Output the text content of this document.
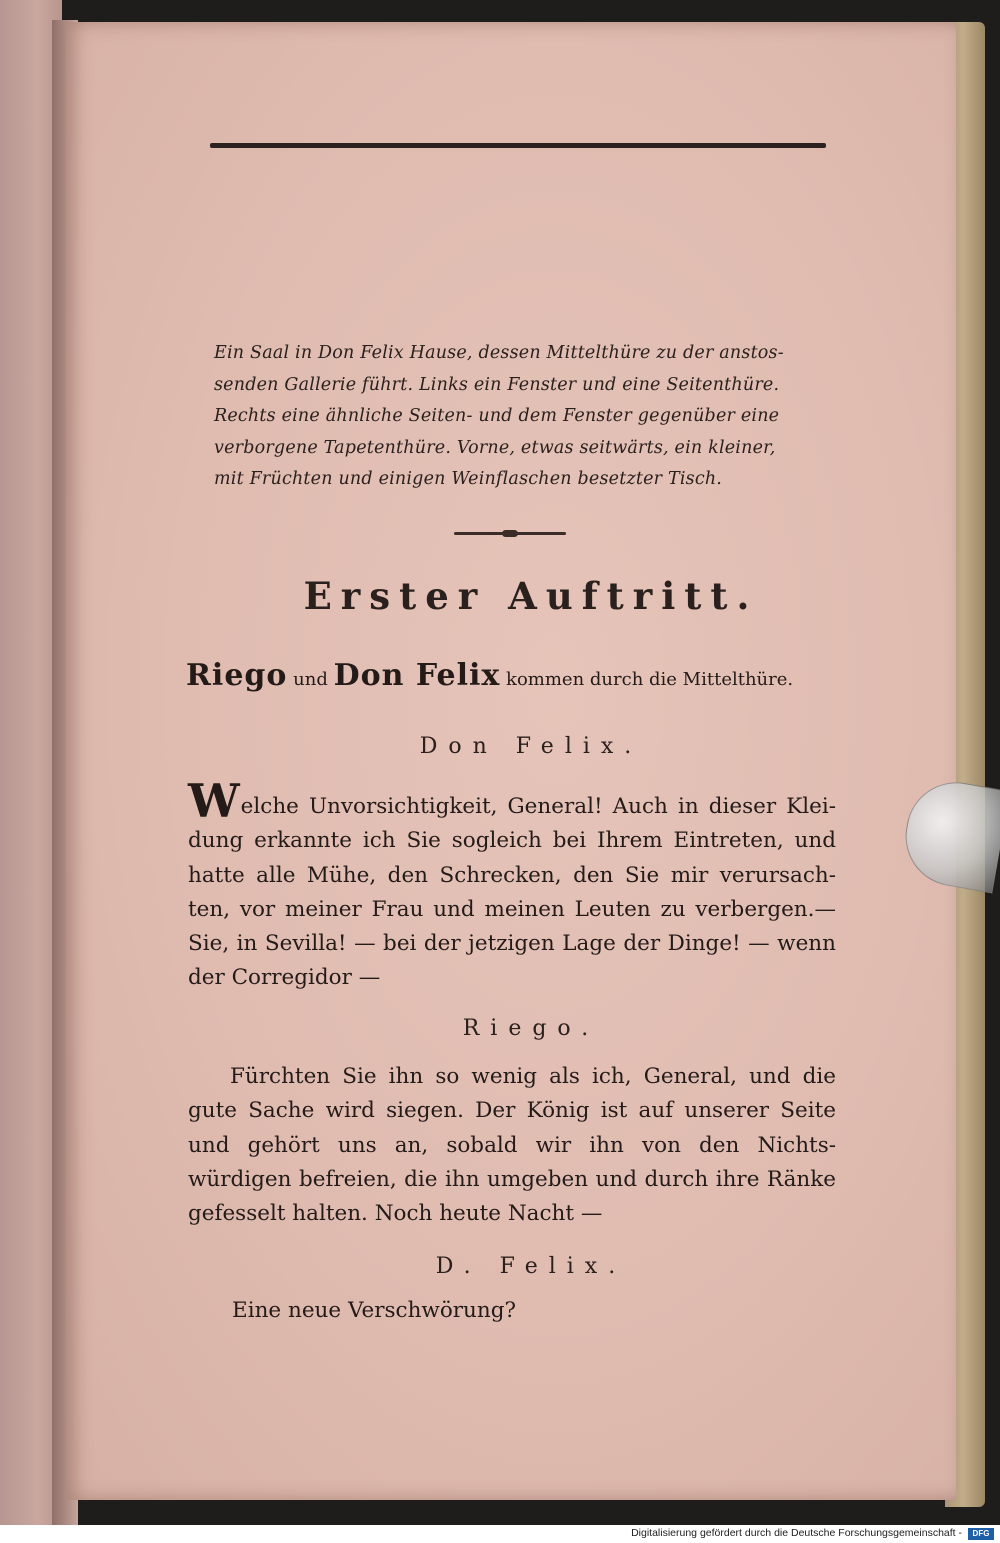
Ein Saal in Don Felix Hause, dessen Mittelthüre zu der anstos-
senden Gallerie führt. Links ein Fenster und eine Seitenthüre.
Rechts eine ähnliche Seiten- und dem Fenster gegenüber eine
verborgene Tapetenthüre. Vorne, etwas seitwärts, ein kleiner,
mit Früchten und einigen Weinflaschen besetzter Tisch.
Erster Auftritt.
Riego und Don Felix kommen durch die Mittelthüre.
Don Felix.
Welche Unvorsichtigkeit, General! Auch in dieser Klei- dung erkannte ich Sie sogleich bei Ihrem Eintreten, und hatte alle Mühe, den Schrecken, den Sie mir verursach- ten, vor meiner Frau und meinen Leuten zu verbergen.— Sie, in Sevilla! — bei der jetzigen Lage der Dinge! — wenn der Corregidor —
Riego.
Fürchten Sie ihn so wenig als ich, General, und die gute Sache wird siegen. Der König ist auf unserer Seite und gehört uns an, sobald wir ihn von den Nichts- würdigen befreien, die ihn umgeben und durch ihre Ränke gefesselt halten. Noch heute Nacht —
D. Felix.
Eine neue Verschwörung?
Digitalisierung gefördert durch die Deutsche Forschungsgemeinschaft -	DFG
